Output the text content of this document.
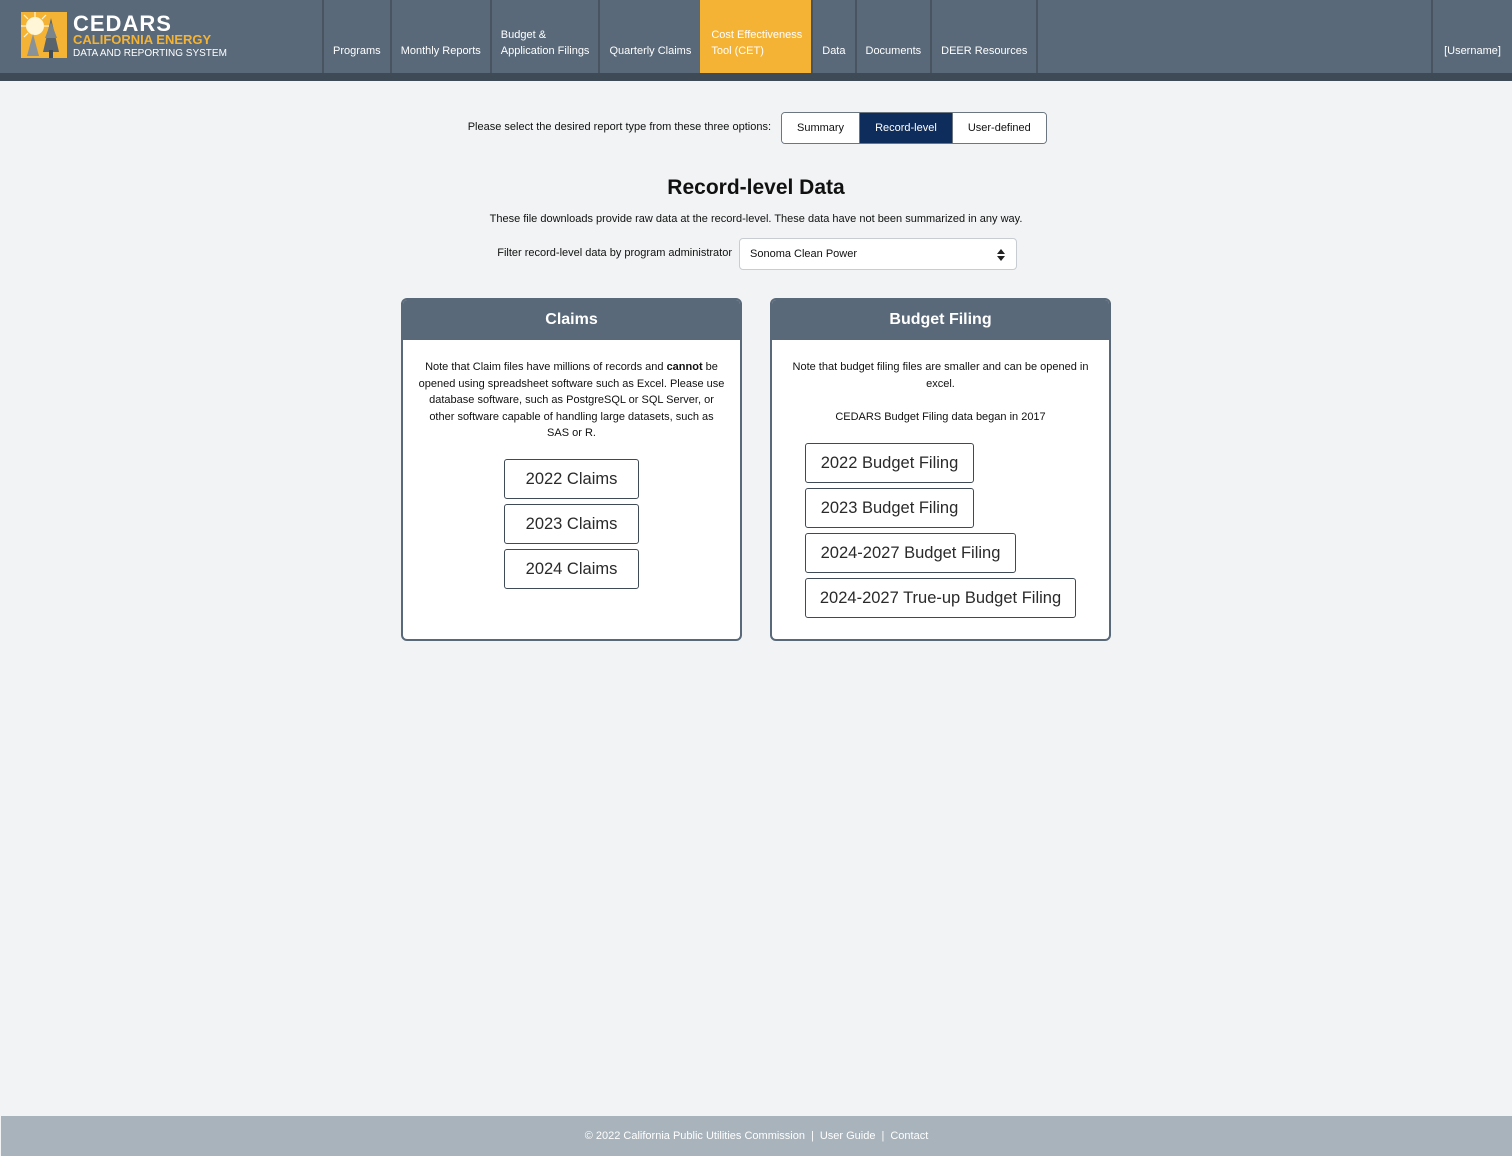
CEDARS
CALIFORNIA ENERGY
DATA AND REPORTING SYSTEM	Programs Monthly Reports
Budget &
Application Filings Quarterly Claims
Cost Effectiveness
Tool (CET)	Data Documents DEER Resources	[Username]
Please select the desired report type from these three options:	Summary	Record-level	User-defined
Record-level Data
These file downloads provide raw data at the record-level. These data have not been summarized in any way.
Filter record-level data by program administrator Sonoma Clean Power
Claims

Note that Claim files have millions of records and cannot be opened using spreadsheet software such as Excel. Please use database software, such as PostgreSQL or SQL Server, or other software capable of handling large datasets, such as SAS or R.

2022 Claims
2023 Claims
2024 Claims
Budget Filing

Note that budget filing files are smaller and can be opened in excel.

CEDARS Budget Filing data began in 2017

2022 Budget Filing
2023 Budget Filing
2024-2027 Budget Filing
2024-2027 True-up Budget Filing
© 2022 California Public Utilities Commission | User Guide | Contact
